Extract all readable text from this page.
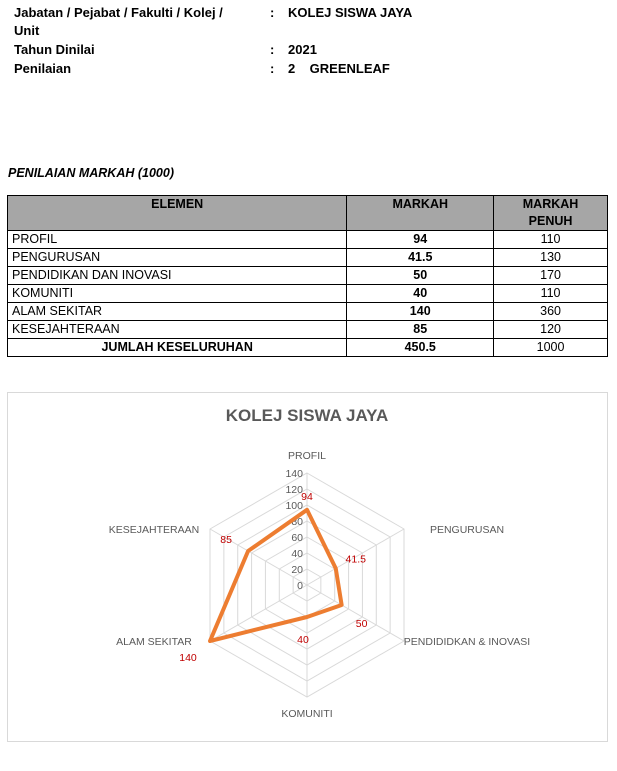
Jabatan / Pejabat / Fakulti / Kolej /
Unit
: KOLEJ SISWA JAYA
Tahun Dinilai	: 2021
Penilaian	: 2    GREENLEAF
PENILAIAN MARKAH (1000)
ELEMEN	MARKAH	MARKAH PENUH
PROFIL	94	110
PENGURUSAN	41.5	130
PENDIDIKAN DAN INOVASI	50	170
KOMUNITI	40	110
ALAM SEKITAR	140	360
KESEJAHTERAAN	85	120
JUMLAH KESELURUHAN	450.5	1000
KOLEJ SISWA JAYA
0
20
40
60
80
100
120
140
PROFIL
PENGURUSAN
PENDIDIDKAN & INOVASI
KOMUNITI
ALAM SEKITAR
KESEJAHTERAAN
94
41.5
50
40
140
85
